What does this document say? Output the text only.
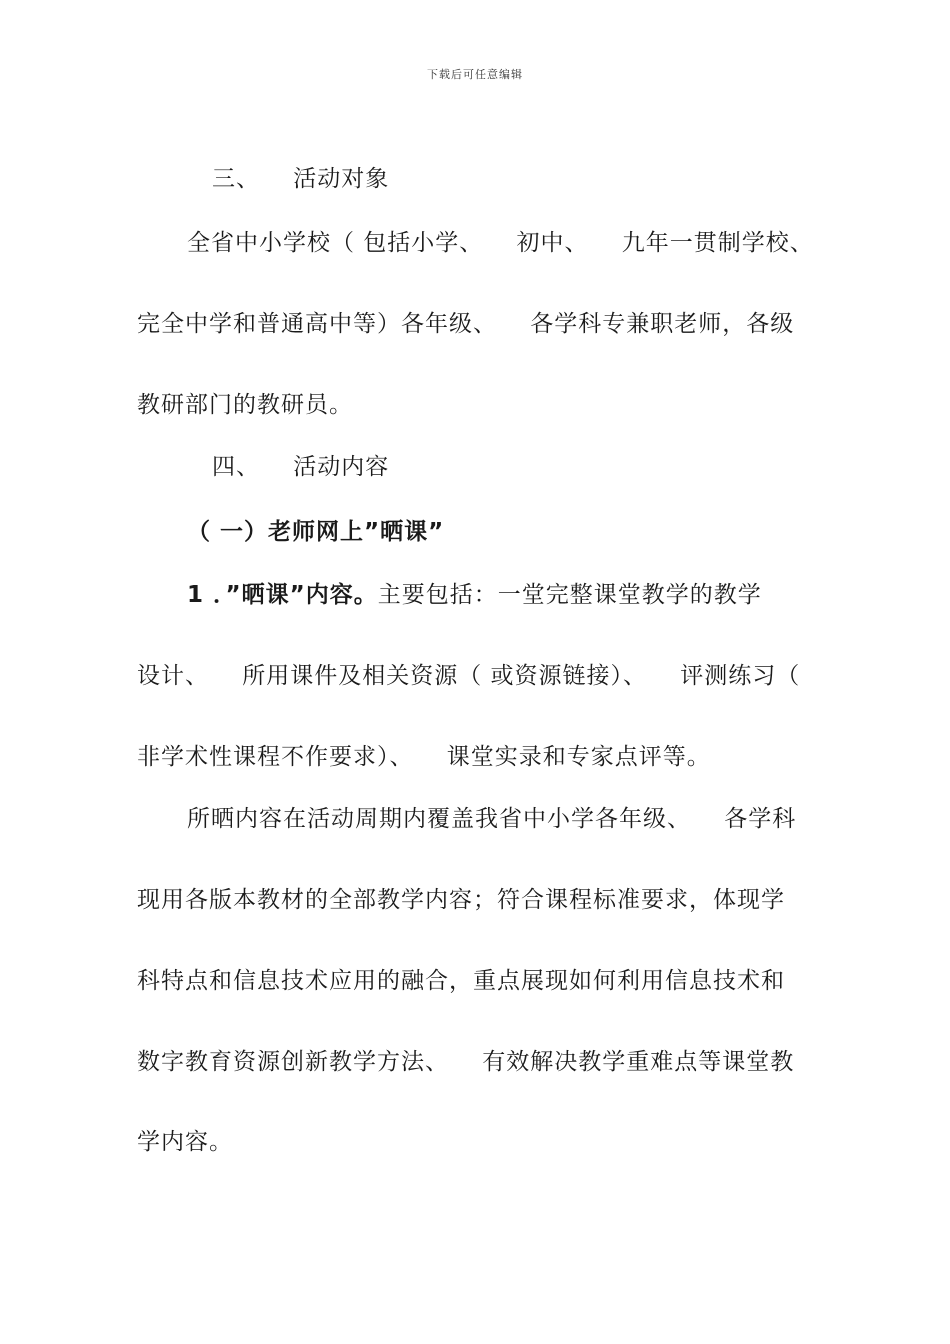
下载后可任意编辑
三、    活动对象
全省中小学校（ 包括小学、    初中、    九年一贯制学校、
完全中学和普通高中等）各年级、    各学科专兼职老师，各级
教研部门的教研员。
四、    活动内容
（ 一）老师网上”晒课”
1 ．”晒课”内容。主要包括：一堂完整课堂教学的教学
设计、    所用课件及相关资源（ 或资源链接）、    评测练习（
非学术性课程不作要求）、    课堂实录和专家点评等。
所晒内容在活动周期内覆盖我省中小学各年级、    各学科
现用各版本教材的全部教学内容；符合课程标准要求，体现学
科特点和信息技术应用的融合，重点展现如何利用信息技术和
数字教育资源创新教学方法、    有效解决教学重难点等课堂教
学内容。
